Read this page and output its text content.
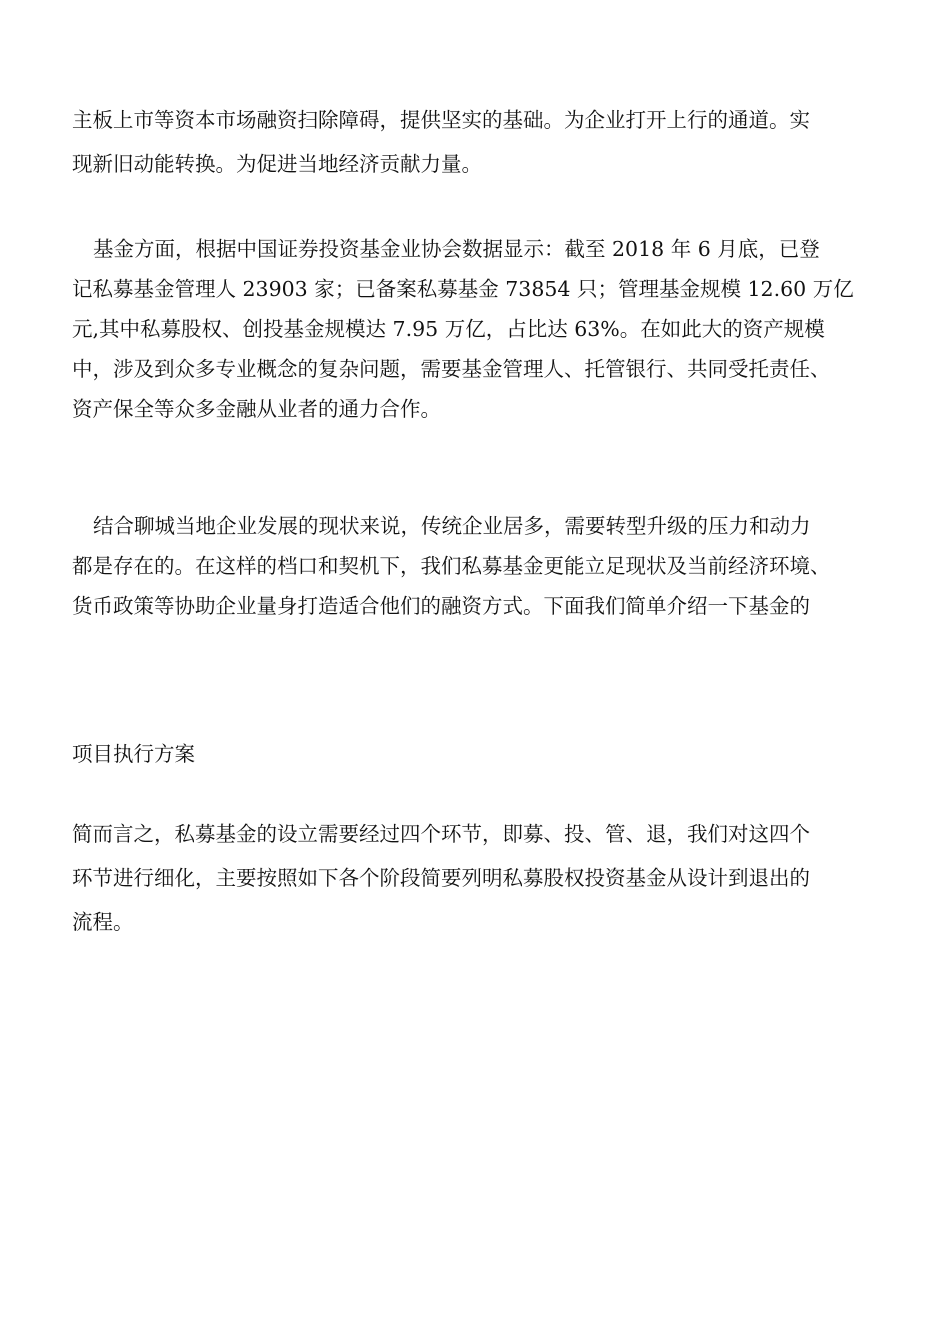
主板上市等资本市场融资扫除障碍，提供坚实的基础。为企业打开上行的通道。实
现新旧动能转换。为促进当地经济贡献力量。
基金方面，根据中国证券投资基金业协会数据显示：截至 2018 年 6 月底，已登
记私募基金管理人 23903 家；已备案私募基金 73854 只；管理基金规模 12.60 万亿
元,其中私募股权、创投基金规模达 7.95 万亿，占比达 63%。在如此大的资产规模
中，涉及到众多专业概念的复杂问题，需要基金管理人、托管银行、共同受托责任、
资产保全等众多金融从业者的通力合作。
结合聊城当地企业发展的现状来说，传统企业居多，需要转型升级的压力和动力
都是存在的。在这样的档口和契机下，我们私募基金更能立足现状及当前经济环境、
货币政策等协助企业量身打造适合他们的融资方式。下面我们简单介绍一下基金的
项目执行方案
简而言之，私募基金的设立需要经过四个环节，即募、投、管、退，我们对这四个
环节进行细化，主要按照如下各个阶段简要列明私募股权投资基金从设计到退出的
流程。
